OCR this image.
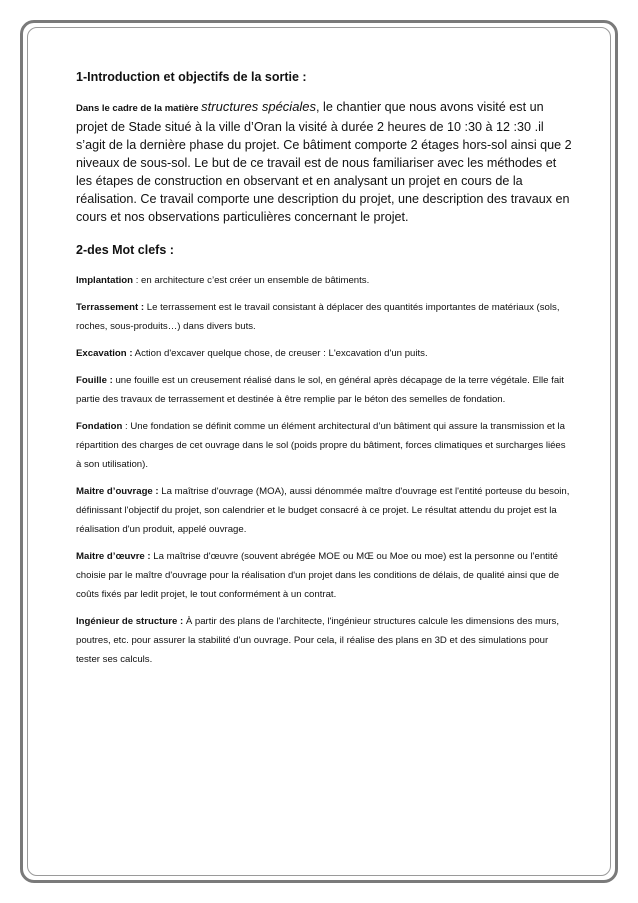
1-Introduction et objectifs de la sortie :

Dans le cadre de la matière structures spéciales, le chantier que nous avons visité est un projet de Stade situé à la ville d’Oran la visité à durée 2 heures de 10 :30 à 12 :30 .il s’agit de la dernière phase du projet. Ce bâtiment comporte 2 étages hors-sol ainsi que 2 niveaux de sous-sol. Le but de ce travail est de nous familiariser avec les méthodes et les étapes de construction en observant et en analysant un projet en cours de la réalisation. Ce travail comporte une description du projet, une description des travaux en cours et nos observations particulières concernant le projet.

2-des Mot clefs :

Implantation : en architecture c’est créer un ensemble de bâtiments.

Terrassement : Le terrassement est le travail consistant à déplacer des quantités importantes de matériaux (sols, roches, sous-produits…) dans divers buts.

Excavation : Action d'excaver quelque chose, de creuser : L'excavation d'un puits.

Fouille : une fouille est un creusement réalisé dans le sol, en général après décapage de la terre végétale. Elle fait partie des travaux de terrassement et destinée à être remplie par le béton des semelles de fondation.

Fondation : Une fondation se définit comme un élément architectural d’un bâtiment qui assure la transmission et la répartition des charges de cet ouvrage dans le sol (poids propre du bâtiment, forces climatiques et surcharges liées à son utilisation).

Maitre d’ouvrage : La maîtrise d'ouvrage (MOA), aussi dénommée maître d'ouvrage est l'entité porteuse du besoin, définissant l'objectif du projet, son calendrier et le budget consacré à ce projet. Le résultat attendu du projet est la réalisation d'un produit, appelé ouvrage.

Maitre d’œuvre : La maîtrise d'œuvre (souvent abrégée MOE ou MŒ ou Moe ou moe) est la personne ou l'entité choisie par le maître d'ouvrage pour la réalisation d'un projet dans les conditions de délais, de qualité ainsi que de coûts fixés par ledit projet, le tout conformément à un contrat.

Ingénieur de structure : À partir des plans de l'architecte, l'ingénieur structures calcule les dimensions des murs, poutres, etc. pour assurer la stabilité d'un ouvrage. Pour cela, il réalise des plans en 3D et des simulations pour tester ses calculs.
